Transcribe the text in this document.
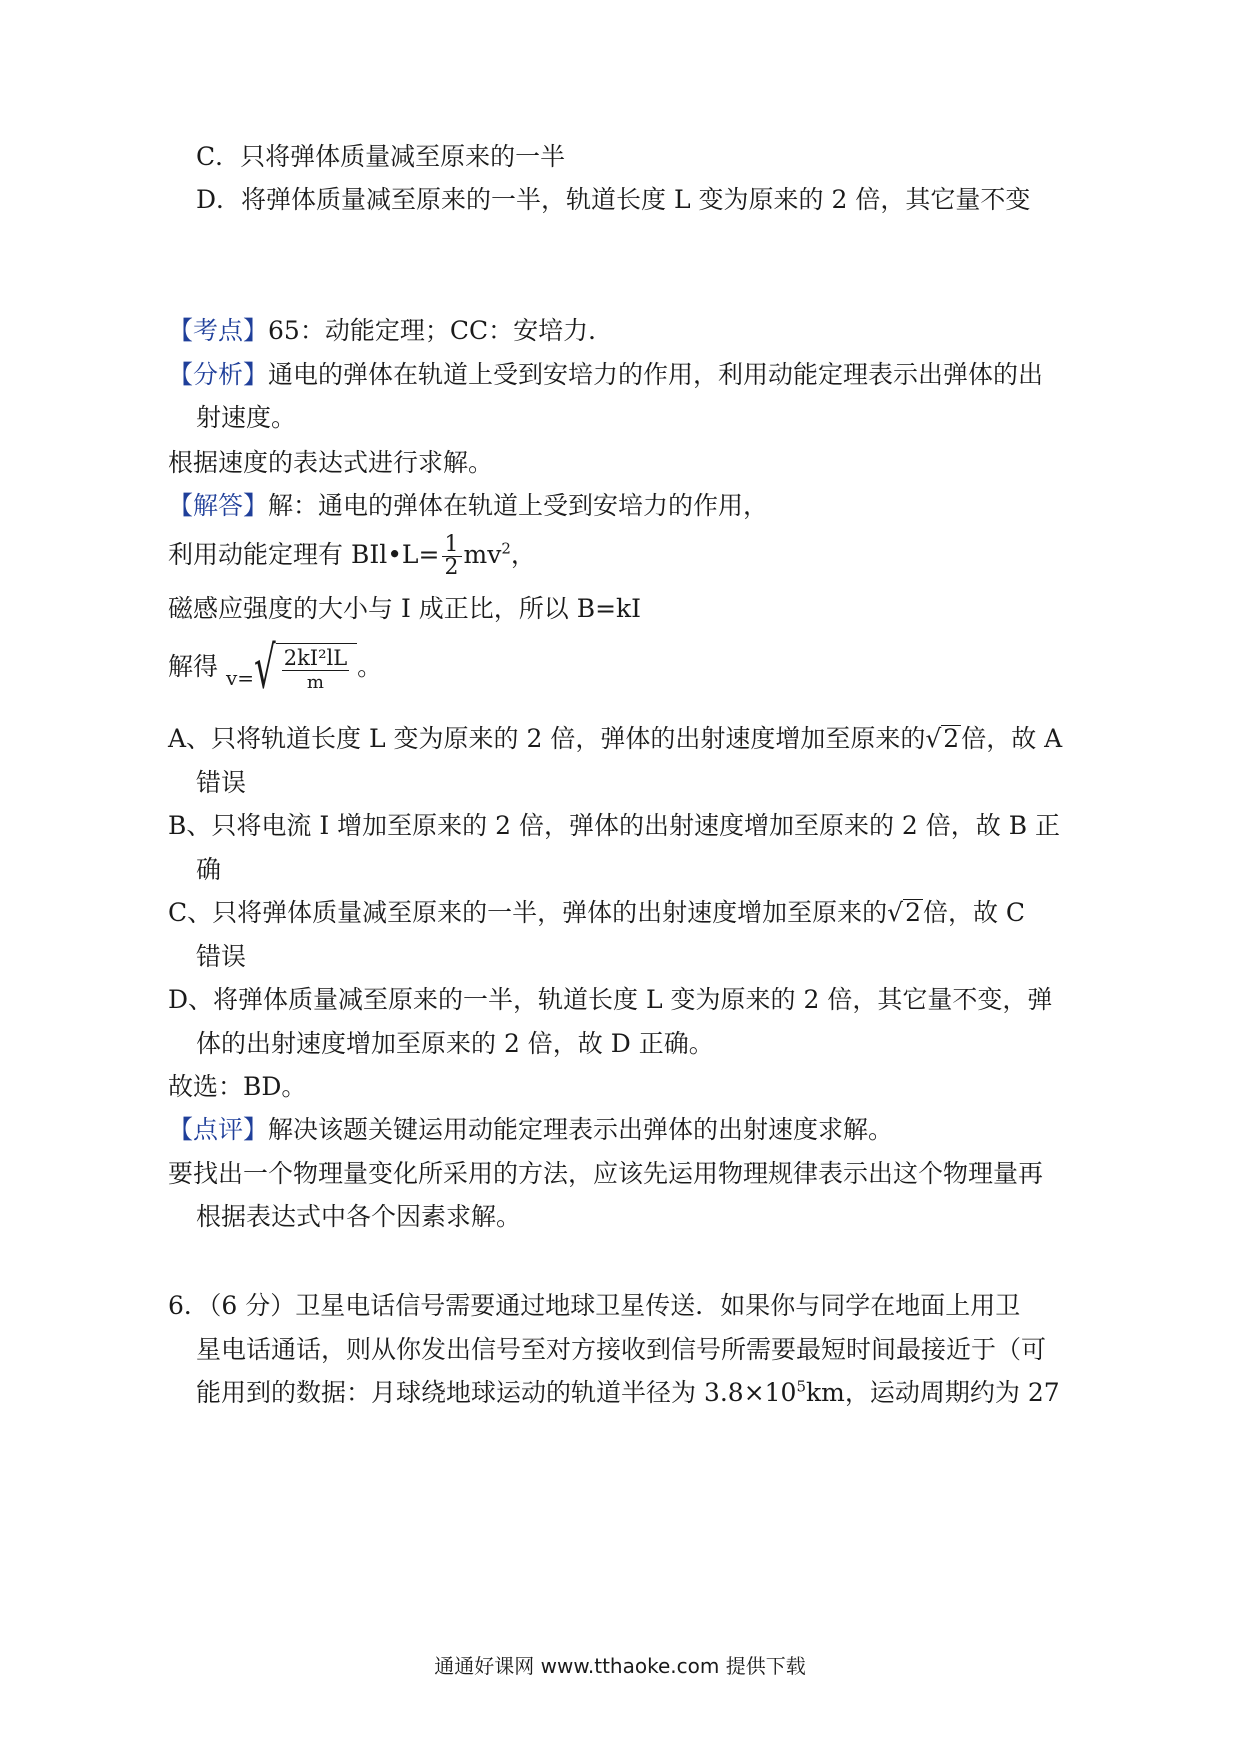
C．只将弹体质量减至原来的一半
D．将弹体质量减至原来的一半，轨道长度 L 变为原来的 2 倍，其它量不变
【考点】65：动能定理；CC：安培力．
【分析】通电的弹体在轨道上受到安培力的作用，利用动能定理表示出弹体的出
射速度。
根据速度的表达式进行求解。
【解答】解：通电的弹体在轨道上受到安培力的作用，
利用动能定理有 BIl•L= $\frac{1}{2} mv^2$，
磁感应强度的大小与 I 成正比，所以 B=kI
解得 $_{v=}√ \frac{\text{2kI²lL}}{m}$ 。
A、只将轨道长度 L 变为原来的 2 倍，弹体的出射速度增加至原来的√2倍，故 A
错误
B、只将电流 I 增加至原来的 2 倍，弹体的出射速度增加至原来的 2 倍，故 B 正
确
C、只将弹体质量减至原来的一半，弹体的出射速度增加至原来的√2倍，故 C
错误
D、将弹体质量减至原来的一半，轨道长度 L 变为原来的 2 倍，其它量不变，弹
体的出射速度增加至原来的 2 倍，故 D 正确。
故选：BD。
【点评】解决该题关键运用动能定理表示出弹体的出射速度求解。
要找出一个物理量变化所采用的方法，应该先运用物理规律表示出这个物理量再
根据表达式中各个因素求解。
6．（6 分）卫星电话信号需要通过地球卫星传送．如果你与同学在地面上用卫
星电话通话，则从你发出信号至对方接收到信号所需要最短时间最接近于（可
能用到的数据：月球绕地球运动的轨道半径为 $3.8\times 10^5km$，运动周期约为 27
通通好课网 www.tthaoke.com 提供下载
